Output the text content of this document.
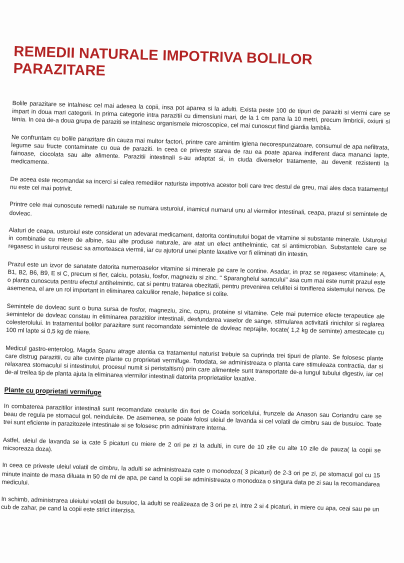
REMEDII NATURALE IMPOTRIVA BOLILOR PARAZITARE

Bolile parazitare se intalnesc cel mai adesea la copii, insa pot aparea si la adulti. Exista peste 100 de tipuri de paraziti si viermi care se impart in doua mari categorii. In prima categorie intra parazitii cu dimensiuni mari, de la 1 cm pana la 10 metri, precum limbricii, oxiurii si tenia. In cea de-a doua grupa de paraziti se intalnesc organismele microscopice, cel mai cunoscut fiind giardia lamblia.

Ne confruntam cu bolile parazitare din cauza mai multor factori, printre care amintim igiena necorespunzatoare, consumul de apa nefiltrata, legume sau fructe contaminate cu oua de paraziti. In ceea ce priveste starea de rau ea poate aparea indiferent daca mananci lapte, fainoase, ciocolata sau alte alimente. Parazitii intestinali s-au adaptat si, in ciuda diverselor tratamente, au devenit rezistenti la medicamente.

De aceea este recomandat sa incerci si calea remediilor naturiste impotriva acestor boli care trec destul de greu, mai ales daca tratamentul nu este cel mai potrivit.

Printre cele mai cunoscute remedii naturale se numara usturoiul, inamicul numarul unu al viermilor intestinali, ceapa, prazul si semintele de dovleac.

Alaturi de ceapa, usturoiul este considerat un adevarat medicament, datorita continutului bogat de vitamine si substante minerale. Usturoiul in combinatie cu miere de albine, sau alte produse naturale, are atat un efect antihelmintic, cat si antimicrobian. Substantele care se regasesc in usturoi reusesc sa amorteasca viermii, iar cu ajutorul unei plante laxative vor fi eliminati din intestin.

Prazul este un izvor de sanatate datorita numeroaselor vitamine si minerale pe care le contine. Asadar, in praz se regasesc vitaminele: A, B1, B2, B6, B9, E si C, precum si fier, calciu, potasiu, fosfor, magneziu si zinc. " Sparanghelul saracului" asa cum mai este numit prazul este o planta cunoscuta pentru efectul antihelmintic, cat si pentru tratarea obezitatii, pentru prevenirea celulitei si tonifierea sistemului nervos. De asemenea, el are un rol important in eliminarea calculilor renale, hepatice si colite.

Semintele de dovleac sunt o buna sursa de fosfor, magneziu, zinc, cupru, proteine si vitamine. Cele mai puternice efecte terapeutice ale semintelor de dovleac constau in eliminarea parazitilor intestinali, desfundarea vaselor de sange, stimularea activitatii rinichilor si reglarea colesterolului. In tratamentul bolilor parazitare sunt recomandate semintele de dovleac neprajite, tocate( 1,2 kg de seminte) amestecate cu 100 ml lapte si 0,5 kg de miere.

Medicul gastro-enterolog, Magda Spanu atrage atentia ca tratamentul naturist trebuie sa cuprinda trei tipuri de plante. Se folosesc plante care distrug parazitii, cu alte cuvinte plante cu proprietati vermifuge. Totodata, se administreaza o planta care stimuleaza contractia, dar si relaxarea stomacului si intestinului, procesul numit si peristaltism) prin care alimentele sunt transportate de-a lungul tubului digestiv, iar cel de-al treilea tip de planta ajuta la eliminarea viermilor intestinali datorita proprietatilor laxative.

Plante cu proprietati vermifuge

In combaterea parazitilor intestinali sunt recomandate ceaiurile din flori de Coada soricelului, frunzele de Anason sau Coriandru care se beau de regula pe stomacul gol, neindulcite. De asemenea, se poate folosi uleiul de lavanda si cel volatil de cimbru sau de busuioc. Toate trei sunt eficiente in parazitozele intestinale si se folosesc prin administrare interna.

Astfel, uleiul de lavanda se ia cate 5 picaturi cu miere de 2 ori pe zi la adulti, in cure de 10 zile cu alte 10 zile de pauza( la copii se micsoreaza doza).

In ceea ce priveste uleiul volatil de cimbru, la adulti se administreaza cate o monodoza( 3 picaturi) de 2-3 ori pe zi, pe stomacul gol cu 15 minute inainte de masa diluata in 50 de ml de apa, pe cand la copii se administreaza o monodoza o singura data pe zi sau la recomandarea medicului.

In schimb, administrarea uleiului volatil de busuioc, la adulti se realizeaza de 3 ori pe zi, intre 2 si 4 picaturi, in miere cu apa, ceai sau pe un cub de zahar, pe cand la copii este strict interzisa.
